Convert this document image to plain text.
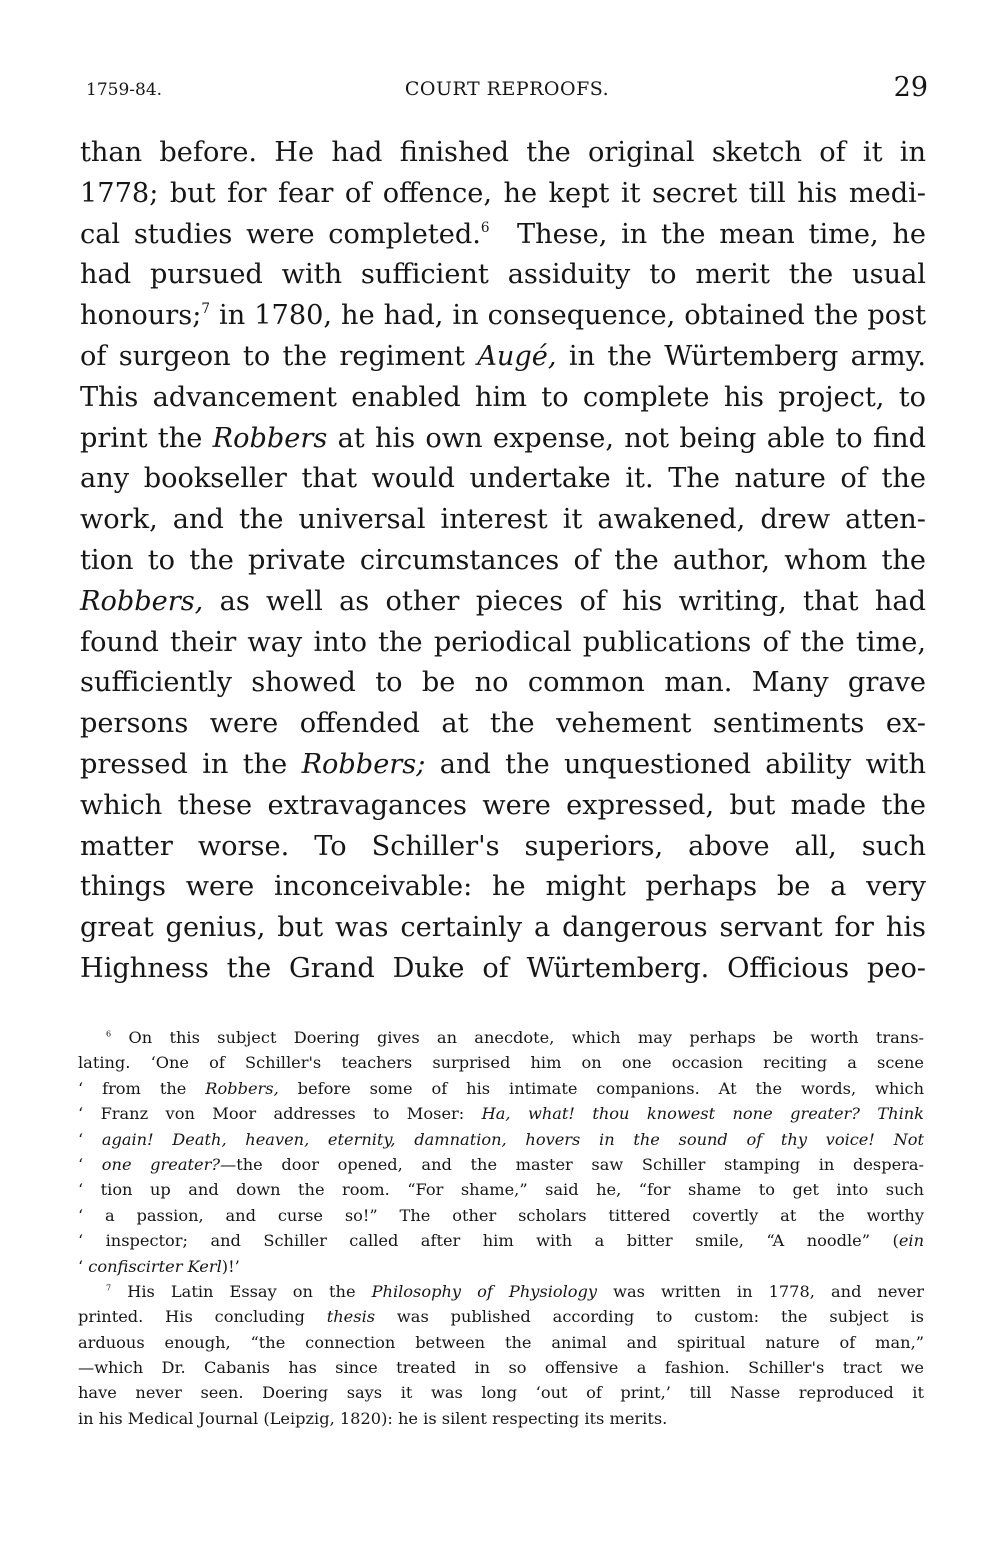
1759-84.	COURT REPROOFS.	29
than before. He had finished the original sketch of it in
1778; but for fear of offence, he kept it secret till his medi-
cal studies were completed.$^6$ These, in the mean time, he
had pursued with sufficient assiduity to merit the usual
honours;$^7$ in 1780, he had, in consequence, obtained the post
of surgeon to the regiment Augé, in the Würtemberg army.
This advancement enabled him to complete his project, to
print the Robbers at his own expense, not being able to find
any bookseller that would undertake it. The nature of the
work, and the universal interest it awakened, drew atten-
tion to the private circumstances of the author, whom the
Robbers, as well as other pieces of his writing, that had
found their way into the periodical publications of the time,
sufficiently showed to be no common man. Many grave
persons were offended at the vehement sentiments ex-
pressed in the Robbers; and the unquestioned ability with
which these extravagances were expressed, but made the
matter worse. To Schiller's superiors, above all, such
things were inconceivable: he might perhaps be a very
great genius, but was certainly a dangerous servant for his
Highness the Grand Duke of Würtemberg. Officious peo-
$^6$ On this subject Doering gives an anecdote, which may perhaps be worth trans-
lating. ‘One of Schiller's teachers surprised him on one occasion reciting a scene
‘ from the Robbers, before some of his intimate companions. At the words, which
‘ Franz von Moor addresses to Moser: Ha, what! thou knowest none greater? Think
‘ again! Death, heaven, eternity, damnation, hovers in the sound of thy voice! Not
‘ one greater?—the door opened, and the master saw Schiller stamping in despera-
‘ tion up and down the room. “For shame,” said he, “for shame to get into such
‘ a passion, and curse so!” The other scholars tittered covertly at the worthy
‘ inspector; and Schiller called after him with a bitter smile, “A noodle” (ein
‘ confiscirter Kerl)!’
$^7$ His Latin Essay on the Philosophy of Physiology was written in 1778, and never
printed. His concluding thesis was published according to custom: the subject is
arduous enough, “the connection between the animal and spiritual nature of man,”
—which Dr. Cabanis has since treated in so offensive a fashion. Schiller's tract we
have never seen. Doering says it was long ‘out of print,’ till Nasse reproduced it
in his Medical Journal (Leipzig, 1820): he is silent respecting its merits.
